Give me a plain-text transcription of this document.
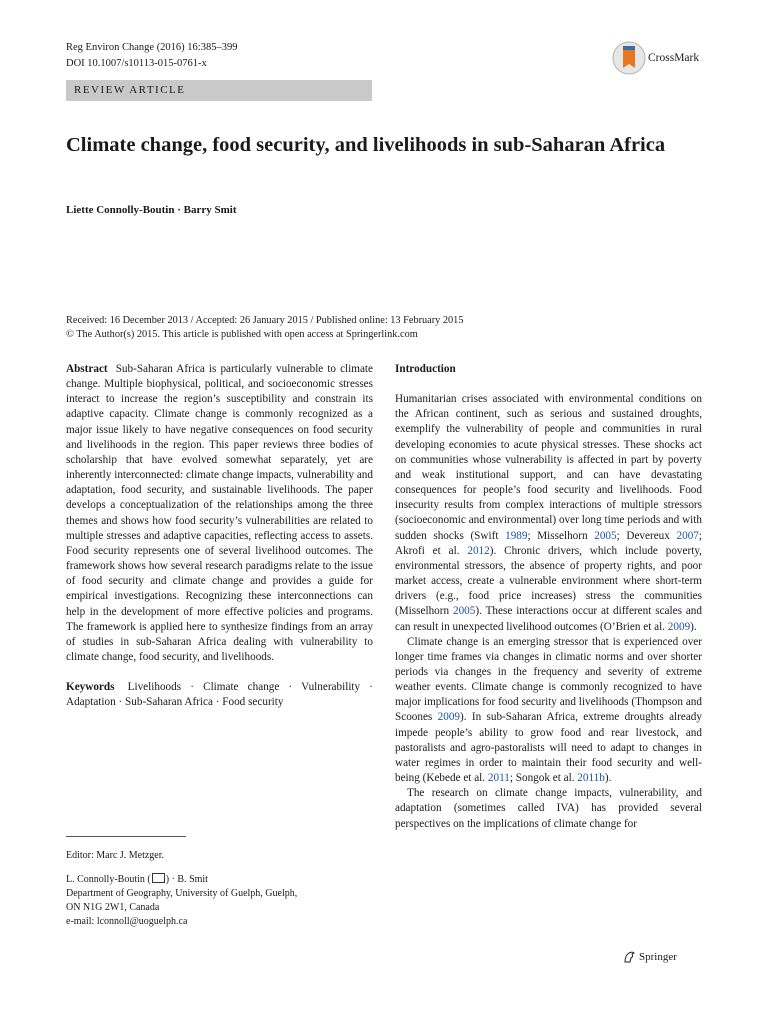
Reg Environ Change (2016) 16:385–399
DOI 10.1007/s10113-015-0761-x	CrossMark
REVIEW ARTICLE
Climate change, food security, and livelihoods in sub-Saharan Africa
Liette Connolly-Boutin · Barry Smit
Received: 16 December 2013 / Accepted: 26 January 2015 / Published online: 13 February 2015
© The Author(s) 2015. This article is published with open access at Springerlink.com

Abstract Sub-Saharan Africa is particularly vulnerable to climate change. Multiple biophysical, political, and socioeconomic stresses interact to increase the region’s susceptibility and constrain its adaptive capacity. Climate change is commonly recognized as a major issue likely to have negative consequences on food security and livelihoods in the region. This paper reviews three bodies of scholarship that have evolved somewhat separately, yet are inherently interconnected: climate change impacts, vulnerability and adaptation, food security, and sustainable livelihoods. The paper develops a conceptualization of the relationships among the three themes and shows how food security’s vulnerabilities are related to multiple stresses and adaptive capacities, reflecting access to assets. Food security represents one of several livelihood outcomes. The framework shows how several research paradigms relate to the issue of food security and climate change and provides a guide for empirical investigations. Recognizing these interconnections can help in the development of more effective policies and programs. The framework is applied here to synthesize findings from an array of studies in sub-Saharan Africa dealing with vulnerability to climate change, food security, and livelihoods.

Keywords Livelihoods · Climate change · Vulnerability · Adaptation · Sub-Saharan Africa · Food security

Introduction

Humanitarian crises associated with environmental conditions on the African continent, such as serious and sustained droughts, exemplify the vulnerability of people and communities in rural developing economies to acute physical stresses. These shocks act on communities whose vulnerability is affected in part by poverty and weak institutional support, and can have devastating consequences for people’s food security and livelihoods. Food insecurity results from complex interactions of multiple stressors (socioeconomic and environmental) over long time periods and with sudden shocks (Swift 1989; Misselhorn 2005; Devereux 2007; Akrofi et al. 2012). Chronic drivers, which include poverty, environmental stressors, the absence of property rights, and poor market access, create a vulnerable environment where short-term drivers (e.g., food price increases) stress the communities (Misselhorn 2005). These interactions occur at different scales and can result in unexpected livelihood outcomes (O’Brien et al. 2009).

Climate change is an emerging stressor that is experienced over longer time frames via changes in climatic norms and over shorter periods via changes in the frequency and severity of extreme weather events. Climate change is commonly recognized to have major implications for food security and livelihoods (Thompson and Scoones 2009). In sub-Saharan Africa, extreme droughts already impede people’s ability to grow food and rear livestock, and pastoralists and agro-pastoralists will need to adapt to changes in water regimes in order to maintain their food security and well-being (Kebede et al. 2011; Songok et al. 2011b).

The research on climate change impacts, vulnerability, and adaptation (sometimes called IVA) has provided several perspectives on the implications of climate change for

Editor: Marc J. Metzger.
L. Connolly-Boutin ( ) · B. Smit
Department of Geography, University of Guelph, Guelph,
ON N1G 2W1, Canada
e-mail: lconnoll@uoguelph.ca
Springer
